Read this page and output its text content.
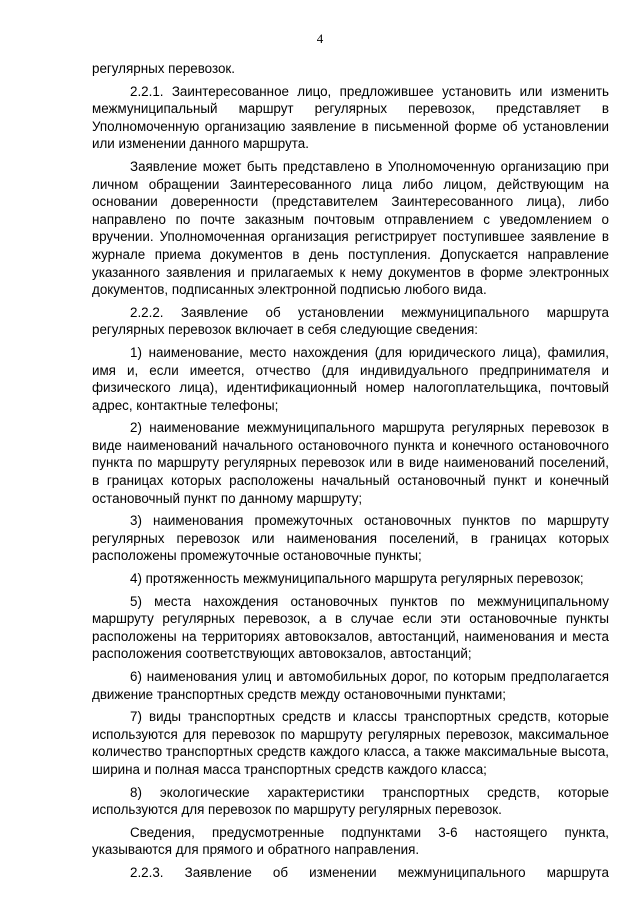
4

регулярных перевозок.

2.2.1. Заинтересованное лицо, предложившее установить или изменить межмуниципальный маршрут регулярных перевозок, представляет в Уполномоченную организацию заявление в письменной форме об установлении или изменении данного маршрута.

Заявление может быть представлено в Уполномоченную организацию при личном обращении Заинтересованного лица либо лицом, действующим на основании доверенности (представителем Заинтересованного лица), либо направлено по почте заказным почтовым отправлением с уведомлением о вручении. Уполномоченная организация регистрирует поступившее заявление в журнале приема документов в день поступления. Допускается направление указанного заявления и прилагаемых к нему документов в форме электронных документов, подписанных электронной подписью любого вида.

2.2.2. Заявление об установлении межмуниципального маршрута регулярных перевозок включает в себя следующие сведения:

1) наименование, место нахождения (для юридического лица), фамилия, имя и, если имеется, отчество (для индивидуального предпринимателя и физического лица), идентификационный номер налогоплательщика, почтовый адрес, контактные телефоны;

2) наименование межмуниципального маршрута регулярных перевозок в виде наименований начального остановочного пункта и конечного остановочного пункта по маршруту регулярных перевозок или в виде наименований поселений, в границах которых расположены начальный остановочный пункт и конечный остановочный пункт по данному маршруту;

3) наименования промежуточных остановочных пунктов по маршруту регулярных перевозок или наименования поселений, в границах которых расположены промежуточные остановочные пункты;

4) протяженность межмуниципального маршрута регулярных перевозок;

5) места нахождения остановочных пунктов по межмуниципальному маршруту регулярных перевозок, а в случае если эти остановочные пункты расположены на территориях автовокзалов, автостанций, наименования и места расположения соответствующих автовокзалов, автостанций;

6) наименования улиц и автомобильных дорог, по которым предполагается движение транспортных средств между остановочными пунктами;

7) виды транспортных средств и классы транспортных средств, которые используются для перевозок по маршруту регулярных перевозок, максимальное количество транспортных средств каждого класса, а также максимальные высота, ширина и полная масса транспортных средств каждого класса;

8) экологические характеристики транспортных средств, которые используются для перевозок по маршруту регулярных перевозок.

Сведения, предусмотренные подпунктами 3-6 настоящего пункта, указываются для прямого и обратного направления.

2.2.3. Заявление об изменении межмуниципального маршрута
